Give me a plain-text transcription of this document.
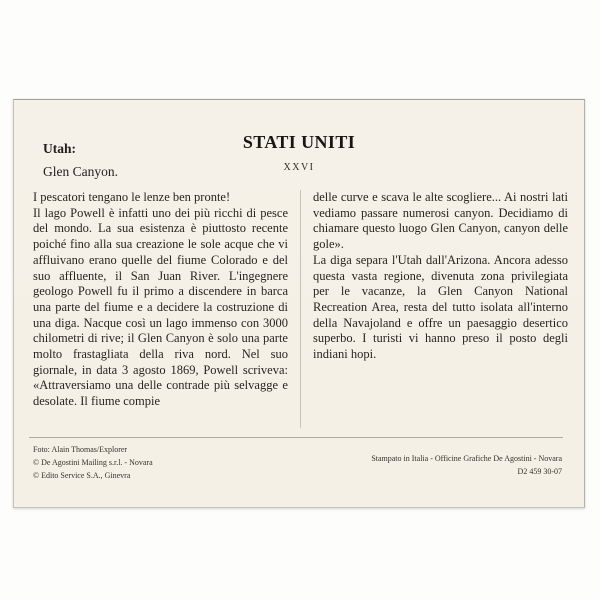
Utah:
Glen Canyon.
STATI UNITI
XXVI

I pescatori tengano le lenze ben pronte!

Il lago Powell è infatti uno dei più ricchi di pesce del mondo. La sua esistenza è piuttosto recente poiché fino alla sua creazione le sole acque che vi affluivano erano quelle del fiume Colorado e del suo affluente, il San Juan River. L'ingegnere geologo Powell fu il primo a discendere in barca una parte del fiume e a decidere la costruzione di una diga. Nacque così un lago immenso con 3000 chilometri di rive; il Glen Canyon è solo una parte molto frastagliata della riva nord. Nel suo giornale, in data 3 agosto 1869, Powell scriveva: «Attraversiamo una delle contrade più selvagge e desolate. Il fiume compie

delle curve e scava le alte scogliere... Ai nostri lati vediamo passare numerosi canyon. Decidiamo di chiamare questo luogo Glen Canyon, canyon delle gole».

La diga separa l'Utah dall'Arizona. Ancora adesso questa vasta regione, divenuta zona privilegiata per le vacanze, la Glen Canyon National Recreation Area, resta del tutto isolata all'interno della Navajoland e offre un paesaggio desertico superbo. I turisti vi hanno preso il posto degli indiani hopi.

Foto: Alain Thomas/Explorer
© De Agostini Mailing s.r.l. - Novara
© Edito Service S.A., Ginevra
Stampato in Italia - Officine Grafiche De Agostini - Novara
D2 459 30-07
